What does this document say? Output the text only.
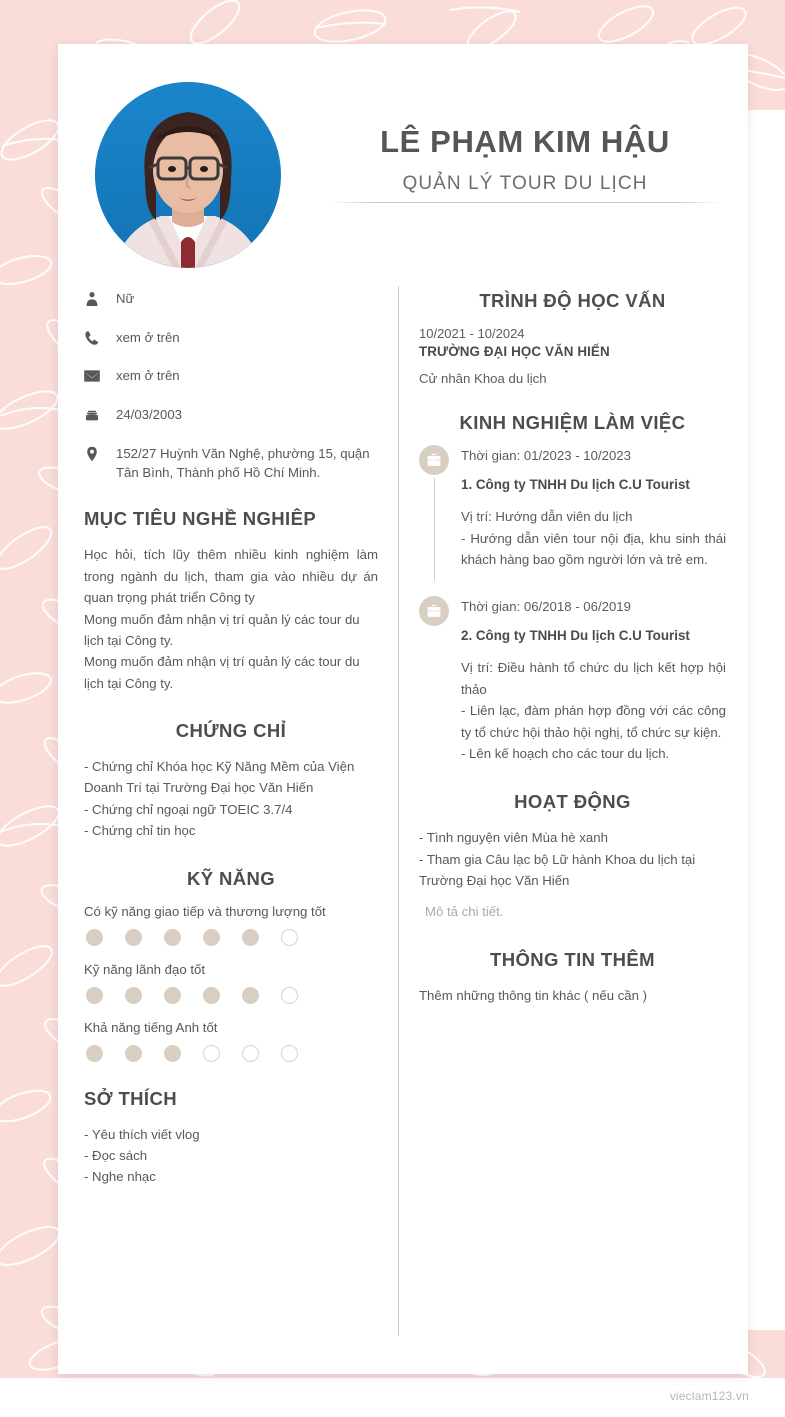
LÊ PHẠM KIM HẬU
QUẢN LÝ TOUR DU LỊCH
Nữ
xem ở trên
xem ở trên
24/03/2003
152/27 Huỳnh Văn Nghệ, phường 15, quận Tân Bình, Thành phố Hồ Chí Minh.
MỤC TIÊU NGHỀ NGHIÊP
Học hỏi, tích lũy thêm nhiều kinh nghiệm làm trong ngành du lịch, tham gia vào nhiều dự án quan trọng phát triển Công ty
Mong muốn đảm nhận vị trí quản lý các tour du lịch tại Công ty.
Mong muốn đảm nhận vị trí quản lý các tour du lịch tại Công ty.
CHỨNG CHỈ
- Chứng chỉ Khóa học Kỹ Năng Mềm của Viện Doanh Trí tại Trường Đại học Văn Hiến
- Chứng chỉ ngoại ngữ TOEIC 3.7/4
- Chứng chỉ tin học
KỸ NĂNG
Có kỹ năng giao tiếp và thương lượng tốt
Kỹ năng lãnh đạo tốt
Khả năng tiếng Anh tốt
SỞ THÍCH
- Yêu thích viết vlog
- Đọc sách
- Nghe nhạc
TRÌNH ĐỘ HỌC VẤN
10/2021 - 10/2024
TRƯỜNG ĐẠI HỌC VĂN HIẾN
Cử nhân Khoa du lịch
KINH NGHIỆM LÀM VIỆC
Thời gian: 01/2023 - 10/2023
1. Công ty TNHH Du lịch C.U Tourist
Vị trí: Hướng dẫn viên du lịch
- Hướng dẫn viên tour nội địa, khu sinh thái khách hàng bao gồm người lớn và trẻ em.
Thời gian: 06/2018 - 06/2019
2. Công ty TNHH Du lịch C.U Tourist
Vị trí: Điều hành tổ chức du lịch kết hợp hội thảo
- Liên lạc, đàm phán hợp đồng với các công ty tổ chức hội thảo hội nghị, tổ chức sự kiện.
- Lên kế hoạch cho các tour du lịch.
HOẠT ĐỘNG
- Tình nguyện viên Mùa hè xanh
- Tham gia Câu lạc bộ Lữ hành Khoa du lịch tại Trường Đại học Văn Hiến
Mô tả chi tiết.
THÔNG TIN THÊM
Thêm những thông tin khác ( nếu cần )
vieclam123.vn
